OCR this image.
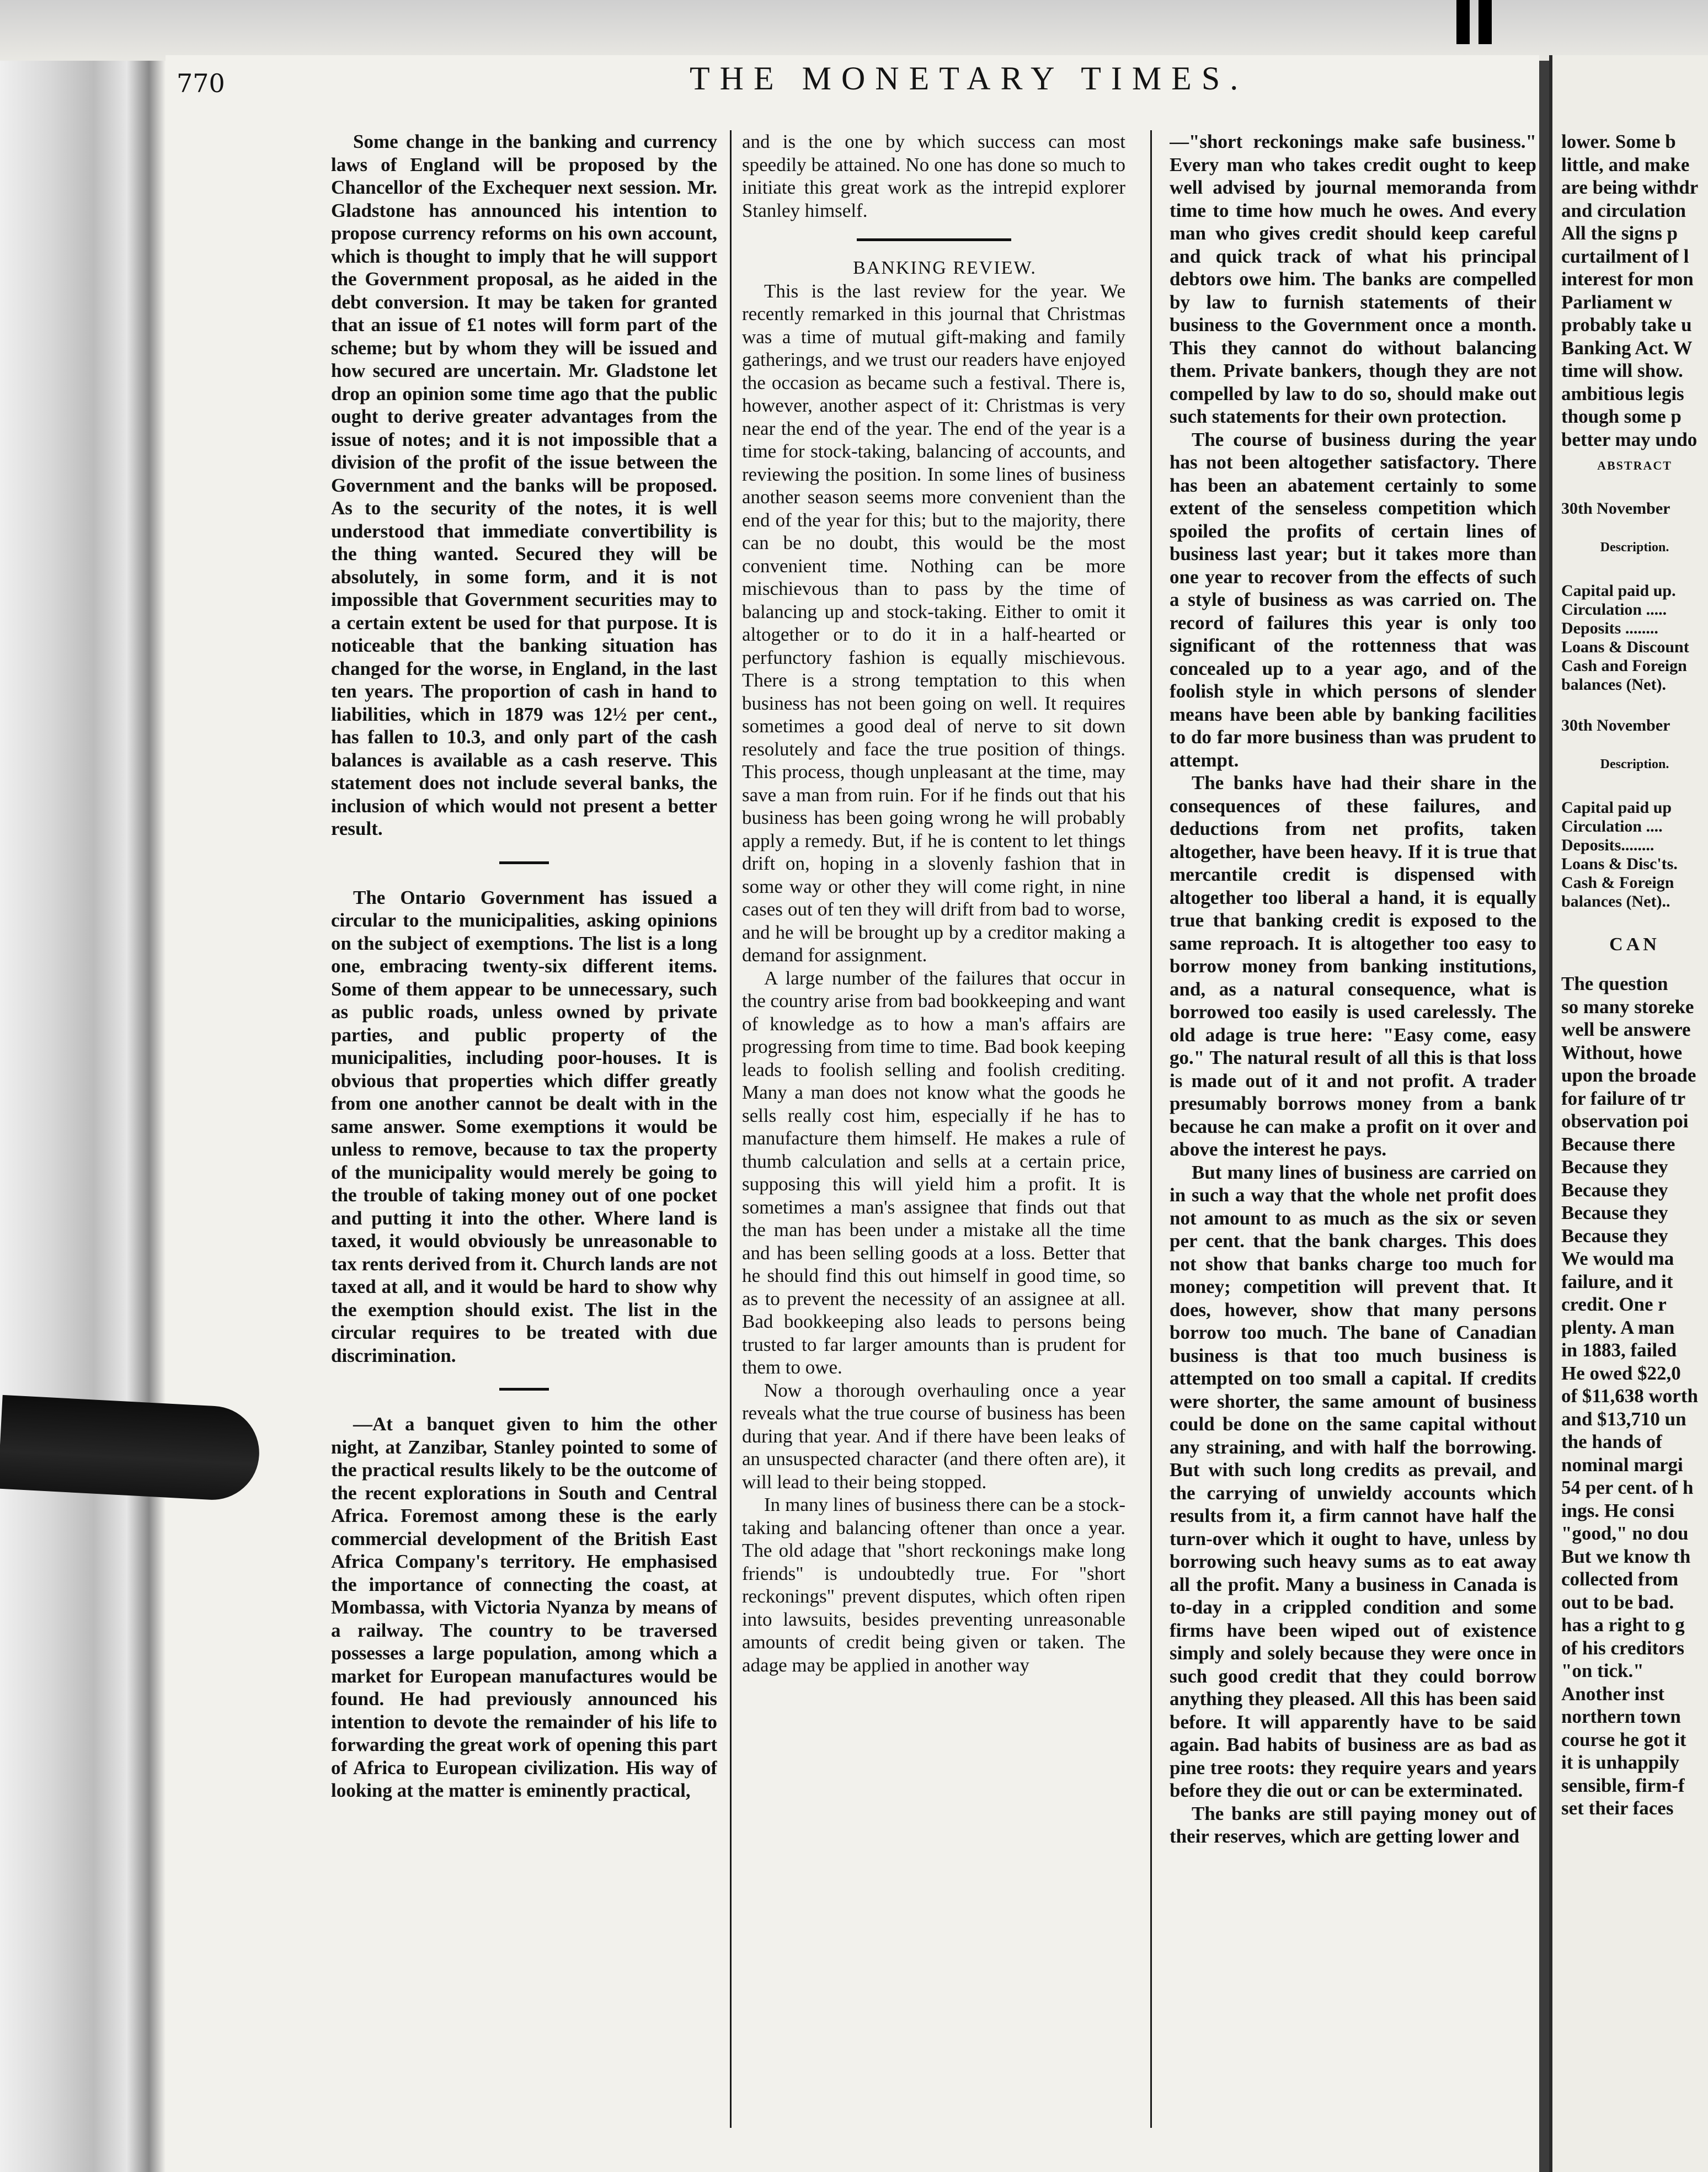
770	THE MONETARY TIMES.

Some change in the banking and currency laws of England will be proposed by the Chancellor of the Exchequer next session. Mr. Gladstone has announced his intention to propose currency reforms on his own account, which is thought to imply that he will support the Government proposal, as he aided in the debt conversion. It may be taken for granted that an issue of £1 notes will form part of the scheme; but by whom they will be issued and how secured are uncertain. Mr. Gladstone let drop an opinion some time ago that the public ought to derive greater advantages from the issue of notes; and it is not impossible that a division of the profit of the issue between the Government and the banks will be proposed. As to the security of the notes, it is well understood that immediate convertibility is the thing wanted. Secured they will be absolutely, in some form, and it is not impossible that Government securities may to a certain extent be used for that purpose. It is noticeable that the banking situation has changed for the worse, in England, in the last ten years. The proportion of cash in hand to liabilities, which in 1879 was 12½ per cent., has fallen to 10.3, and only part of the cash balances is available as a cash reserve. This statement does not include several banks, the inclusion of which would not present a better result.

The Ontario Government has issued a circular to the municipalities, asking opinions on the subject of exemptions. The list is a long one, embracing twenty-six different items. Some of them appear to be unnecessary, such as public roads, unless owned by private parties, and public property of the municipalities, including poor-houses. It is obvious that properties which differ greatly from one another cannot be dealt with in the same answer. Some exemptions it would be unless to remove, because to tax the property of the municipality would merely be going to the trouble of taking money out of one pocket and putting it into the other. Where land is taxed, it would obviously be unreasonable to tax rents derived from it. Church lands are not taxed at all, and it would be hard to show why the exemption should exist. The list in the circular requires to be treated with due discrimination.

—At a banquet given to him the other night, at Zanzibar, Stanley pointed to some of the practical results likely to be the outcome of the recent explorations in South and Central Africa. Foremost among these is the early commercial development of the British East Africa Company's territory. He emphasised the importance of connecting the coast, at Mombassa, with Victoria Nyanza by means of a railway. The country to be traversed possesses a large population, among which a market for European manufactures would be found. He had previously announced his intention to devote the remainder of his life to forwarding the great work of opening this part of Africa to European civilization. His way of looking at the matter is eminently practical,

and is the one by which success can most speedily be attained. No one has done so much to initiate this great work as the intrepid explorer Stanley himself.

BANKING REVIEW.

This is the last review for the year. We recently remarked in this journal that Christmas was a time of mutual gift-making and family gatherings, and we trust our readers have enjoyed the occasion as became such a festival. There is, however, another aspect of it: Christmas is very near the end of the year. The end of the year is a time for stock-taking, balancing of accounts, and reviewing the position. In some lines of business another season seems more convenient than the end of the year for this; but to the majority, there can be no doubt, this would be the most convenient time. Nothing can be more mischievous than to pass by the time of balancing up and stock-taking. Either to omit it altogether or to do it in a half-hearted or perfunctory fashion is equally mischievous. There is a strong temptation to this when business has not been going on well. It requires sometimes a good deal of nerve to sit down resolutely and face the true position of things. This process, though unpleasant at the time, may save a man from ruin. For if he finds out that his business has been going wrong he will probably apply a remedy. But, if he is content to let things drift on, hoping in a slovenly fashion that in some way or other they will come right, in nine cases out of ten they will drift from bad to worse, and he will be brought up by a creditor making a demand for assignment.

A large number of the failures that occur in the country arise from bad bookkeeping and want of knowledge as to how a man's affairs are progressing from time to time. Bad book keeping leads to foolish selling and foolish crediting. Many a man does not know what the goods he sells really cost him, especially if he has to manufacture them himself. He makes a rule of thumb calculation and sells at a certain price, supposing this will yield him a profit. It is sometimes a man's assignee that finds out that the man has been under a mistake all the time and has been selling goods at a loss. Better that he should find this out himself in good time, so as to prevent the necessity of an assignee at all. Bad bookkeeping also leads to persons being trusted to far larger amounts than is prudent for them to owe.

Now a thorough overhauling once a year reveals what the true course of business has been during that year. And if there have been leaks of an unsuspected character (and there often are), it will lead to their being stopped.

In many lines of business there can be a stock-taking and balancing oftener than once a year. The old adage that "short reckonings make long friends" is undoubtedly true. For "short reckonings" prevent disputes, which often ripen into lawsuits, besides preventing unreasonable amounts of credit being given or taken. The adage may be applied in another way

—"short reckonings make safe business." Every man who takes credit ought to keep well advised by journal memoranda from time to time how much he owes. And every man who gives credit should keep careful and quick track of what his principal debtors owe him. The banks are compelled by law to furnish statements of their business to the Government once a month. This they cannot do without balancing them. Private bankers, though they are not compelled by law to do so, should make out such statements for their own protection.

The course of business during the year has not been altogether satisfactory. There has been an abatement certainly to some extent of the senseless competition which spoiled the profits of certain lines of business last year; but it takes more than one year to recover from the effects of such a style of business as was carried on. The record of failures this year is only too significant of the rottenness that was concealed up to a year ago, and of the foolish style in which persons of slender means have been able by banking facilities to do far more business than was prudent to attempt.

The banks have had their share in the consequences of these failures, and deductions from net profits, taken altogether, have been heavy. If it is true that mercantile credit is dispensed with altogether too liberal a hand, it is equally true that banking credit is exposed to the same reproach. It is altogether too easy to borrow money from banking institutions, and, as a natural consequence, what is borrowed too easily is used carelessly. The old adage is true here: "Easy come, easy go." The natural result of all this is that loss is made out of it and not profit. A trader presumably borrows money from a bank because he can make a profit on it over and above the interest he pays.

But many lines of business are carried on in such a way that the whole net profit does not amount to as much as the six or seven per cent. that the bank charges. This does not show that banks charge too much for money; competition will prevent that. It does, however, show that many persons borrow too much. The bane of Canadian business is that too much business is attempted on too small a capital. If credits were shorter, the same amount of business could be done on the same capital without any straining, and with half the borrowing. But with such long credits as prevail, and the carrying of unwieldy accounts which results from it, a firm cannot have half the turn-over which it ought to have, unless by borrowing such heavy sums as to eat away all the profit. Many a business in Canada is to-day in a crippled condition and some firms have been wiped out of existence simply and solely because they were once in such good credit that they could borrow anything they pleased. All this has been said before. It will apparently have to be said again. Bad habits of business are as bad as pine tree roots: they require years and years before they die out or can be exterminated.

The banks are still paying money out of their reserves, which are getting lower and

lower. Some b
little, and make
are being withdr
and circulation
All the signs p
curtailment of l
interest for mon
Parliament w
probably take u
Banking Act. W
time will show.
ambitious legis
though some p
better may undo
ABSTRACT
30th November
Description.
Capital paid up.
Circulation .....
Deposits ........
Loans & Discount
Cash and Foreign
balances (Net).
30th November
Description.
Capital paid up
Circulation ....
Deposits........
Loans & Disc'ts.
Cash & Foreign
balances (Net)..
CAN
The question
so many storeke
well be answere
Without, howe
upon the broade
for failure of tr
observation poi
Because there
Because they
Because they
Because they
Because they
We would ma
failure, and it
credit. One r
plenty. A man
in 1883, failed
He owed $22,0
of $11,638 worth
and $13,710 un
the hands of
nominal margi
54 per cent. of h
ings. He consi
"good," no dou
But we know th
collected from
out to be bad.
has a right to g
of his creditors
"on tick."
Another inst
northern town
course he got it
it is unhappily
sensible, firm-f
set their faces
